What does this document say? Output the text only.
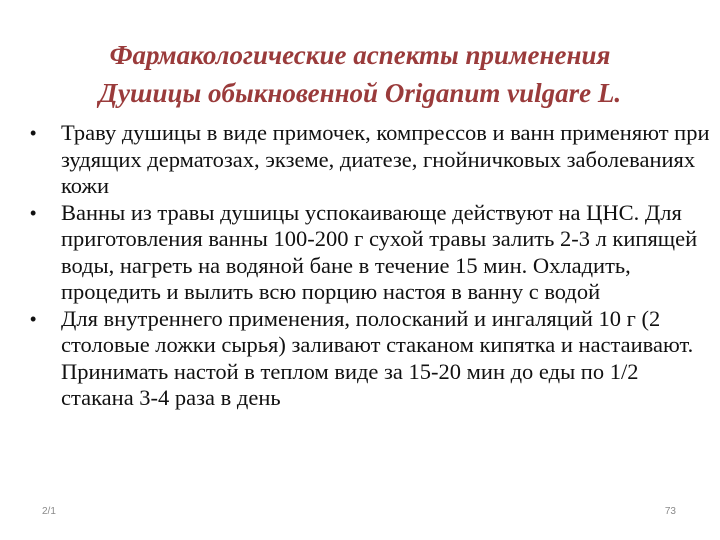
Фармакологические аспекты применения
Душицы обыкновенной Origanum vulgare L.
• Траву душицы в виде примочек, компрессов и ванн применяют при зудящих дерматозах, экземе, диатезе, гнойничковых заболеваниях кожи
• Ванны из травы душицы успокаивающе действуют на ЦНС. Для приготовления ванны 100-200 г сухой травы залить 2-3 л кипящей воды, нагреть на водяной бане в течение 15 мин. Охладить, процедить и вылить всю порцию настоя в ванну с водой
• Для внутреннего применения, полосканий и ингаляций 10 г (2 столовые ложки сырья) заливают стаканом кипятка и настаивают. Принимать настой в теплом виде за 15-20 мин до еды по 1/2 стакана 3-4 раза в день
2/1	73
